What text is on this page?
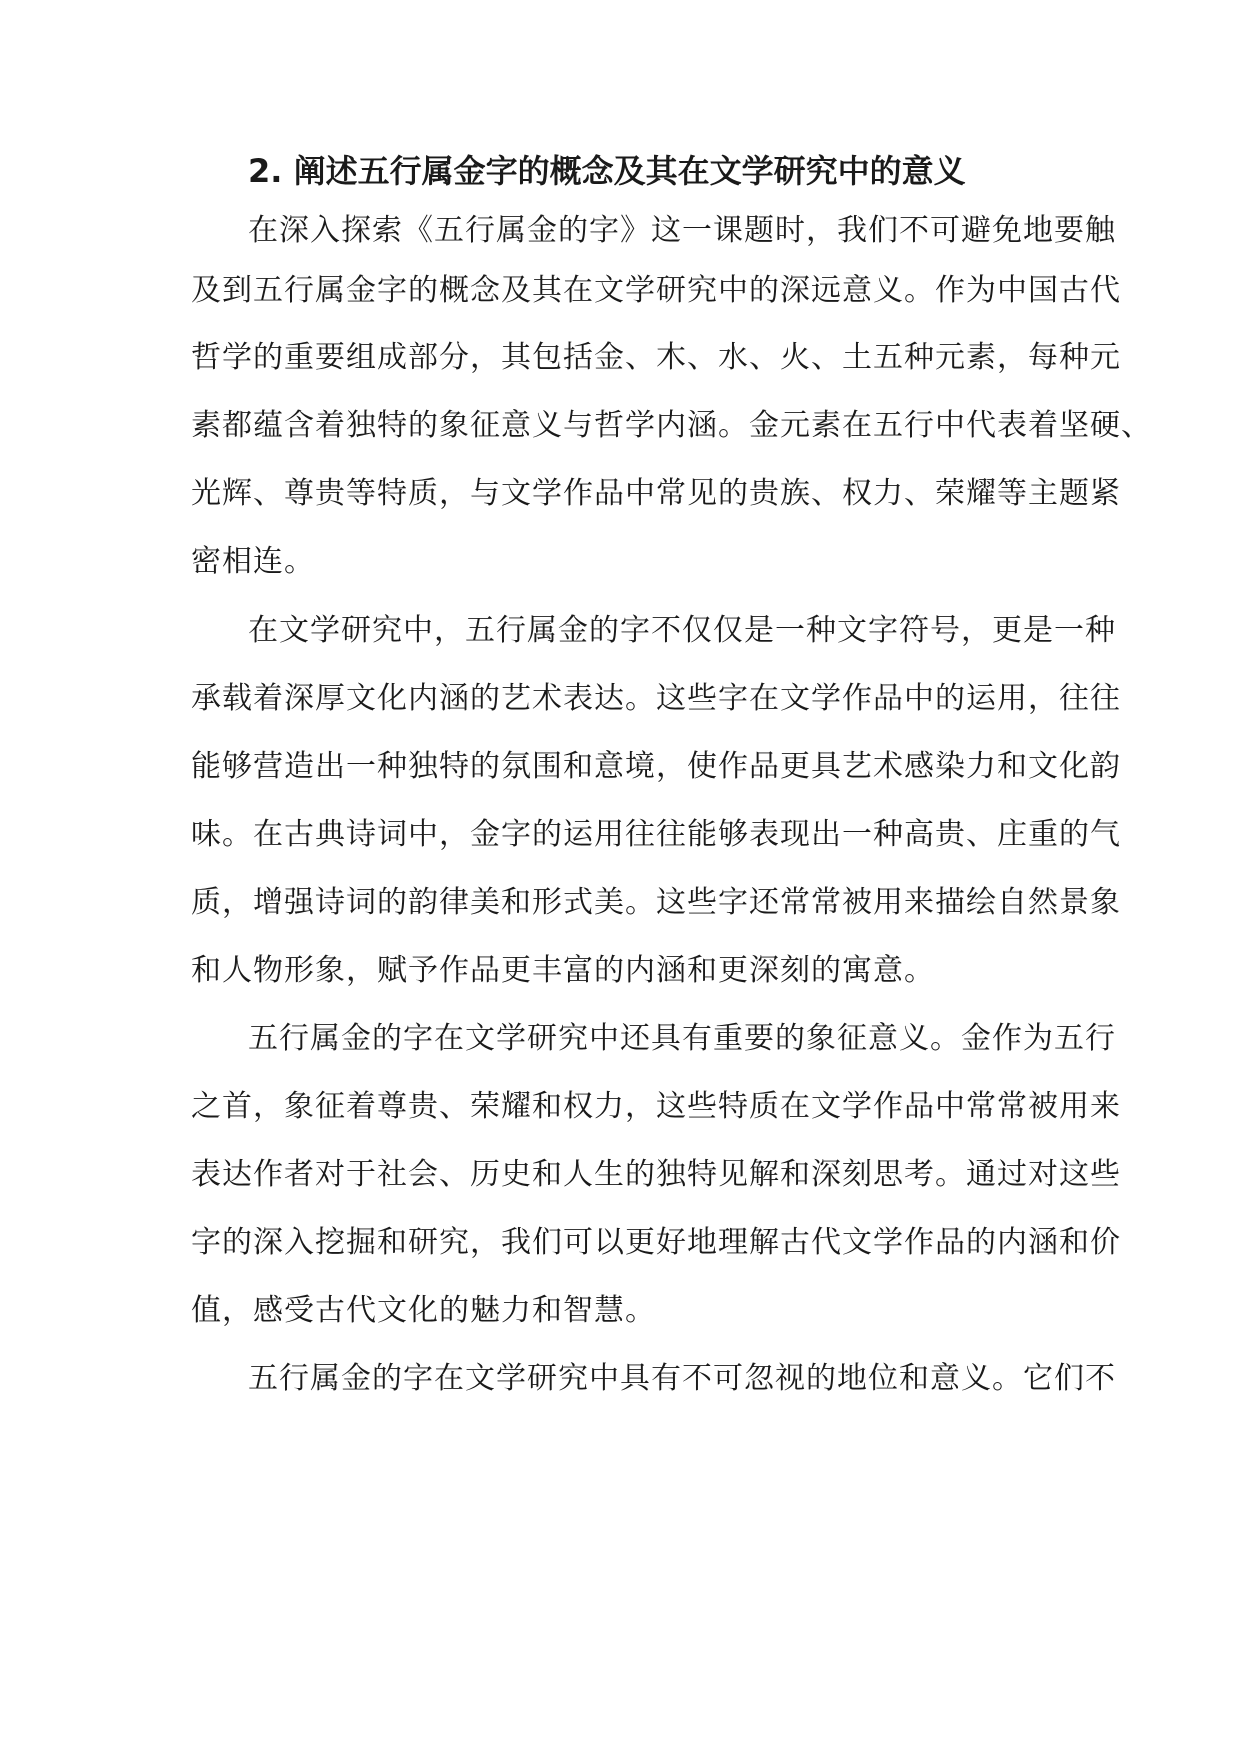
2. 阐述五行属金字的概念及其在文学研究中的意义
在深入探索《五行属金的字》这一课题时，我们不可避免地要触
及到五行属金字的概念及其在文学研究中的深远意义。作为中国古代
哲学的重要组成部分，其包括金、木、水、火、土五种元素，每种元
素都蕴含着独特的象征意义与哲学内涵。金元素在五行中代表着坚硬、
光辉、尊贵等特质，与文学作品中常见的贵族、权力、荣耀等主题紧
密相连。
在文学研究中，五行属金的字不仅仅是一种文字符号，更是一种
承载着深厚文化内涵的艺术表达。这些字在文学作品中的运用，往往
能够营造出一种独特的氛围和意境，使作品更具艺术感染力和文化韵
味。在古典诗词中，金字的运用往往能够表现出一种高贵、庄重的气
质，增强诗词的韵律美和形式美。这些字还常常被用来描绘自然景象
和人物形象，赋予作品更丰富的内涵和更深刻的寓意。
五行属金的字在文学研究中还具有重要的象征意义。金作为五行
之首，象征着尊贵、荣耀和权力，这些特质在文学作品中常常被用来
表达作者对于社会、历史和人生的独特见解和深刻思考。通过对这些
字的深入挖掘和研究，我们可以更好地理解古代文学作品的内涵和价
值，感受古代文化的魅力和智慧。
五行属金的字在文学研究中具有不可忽视的地位和意义。它们不
